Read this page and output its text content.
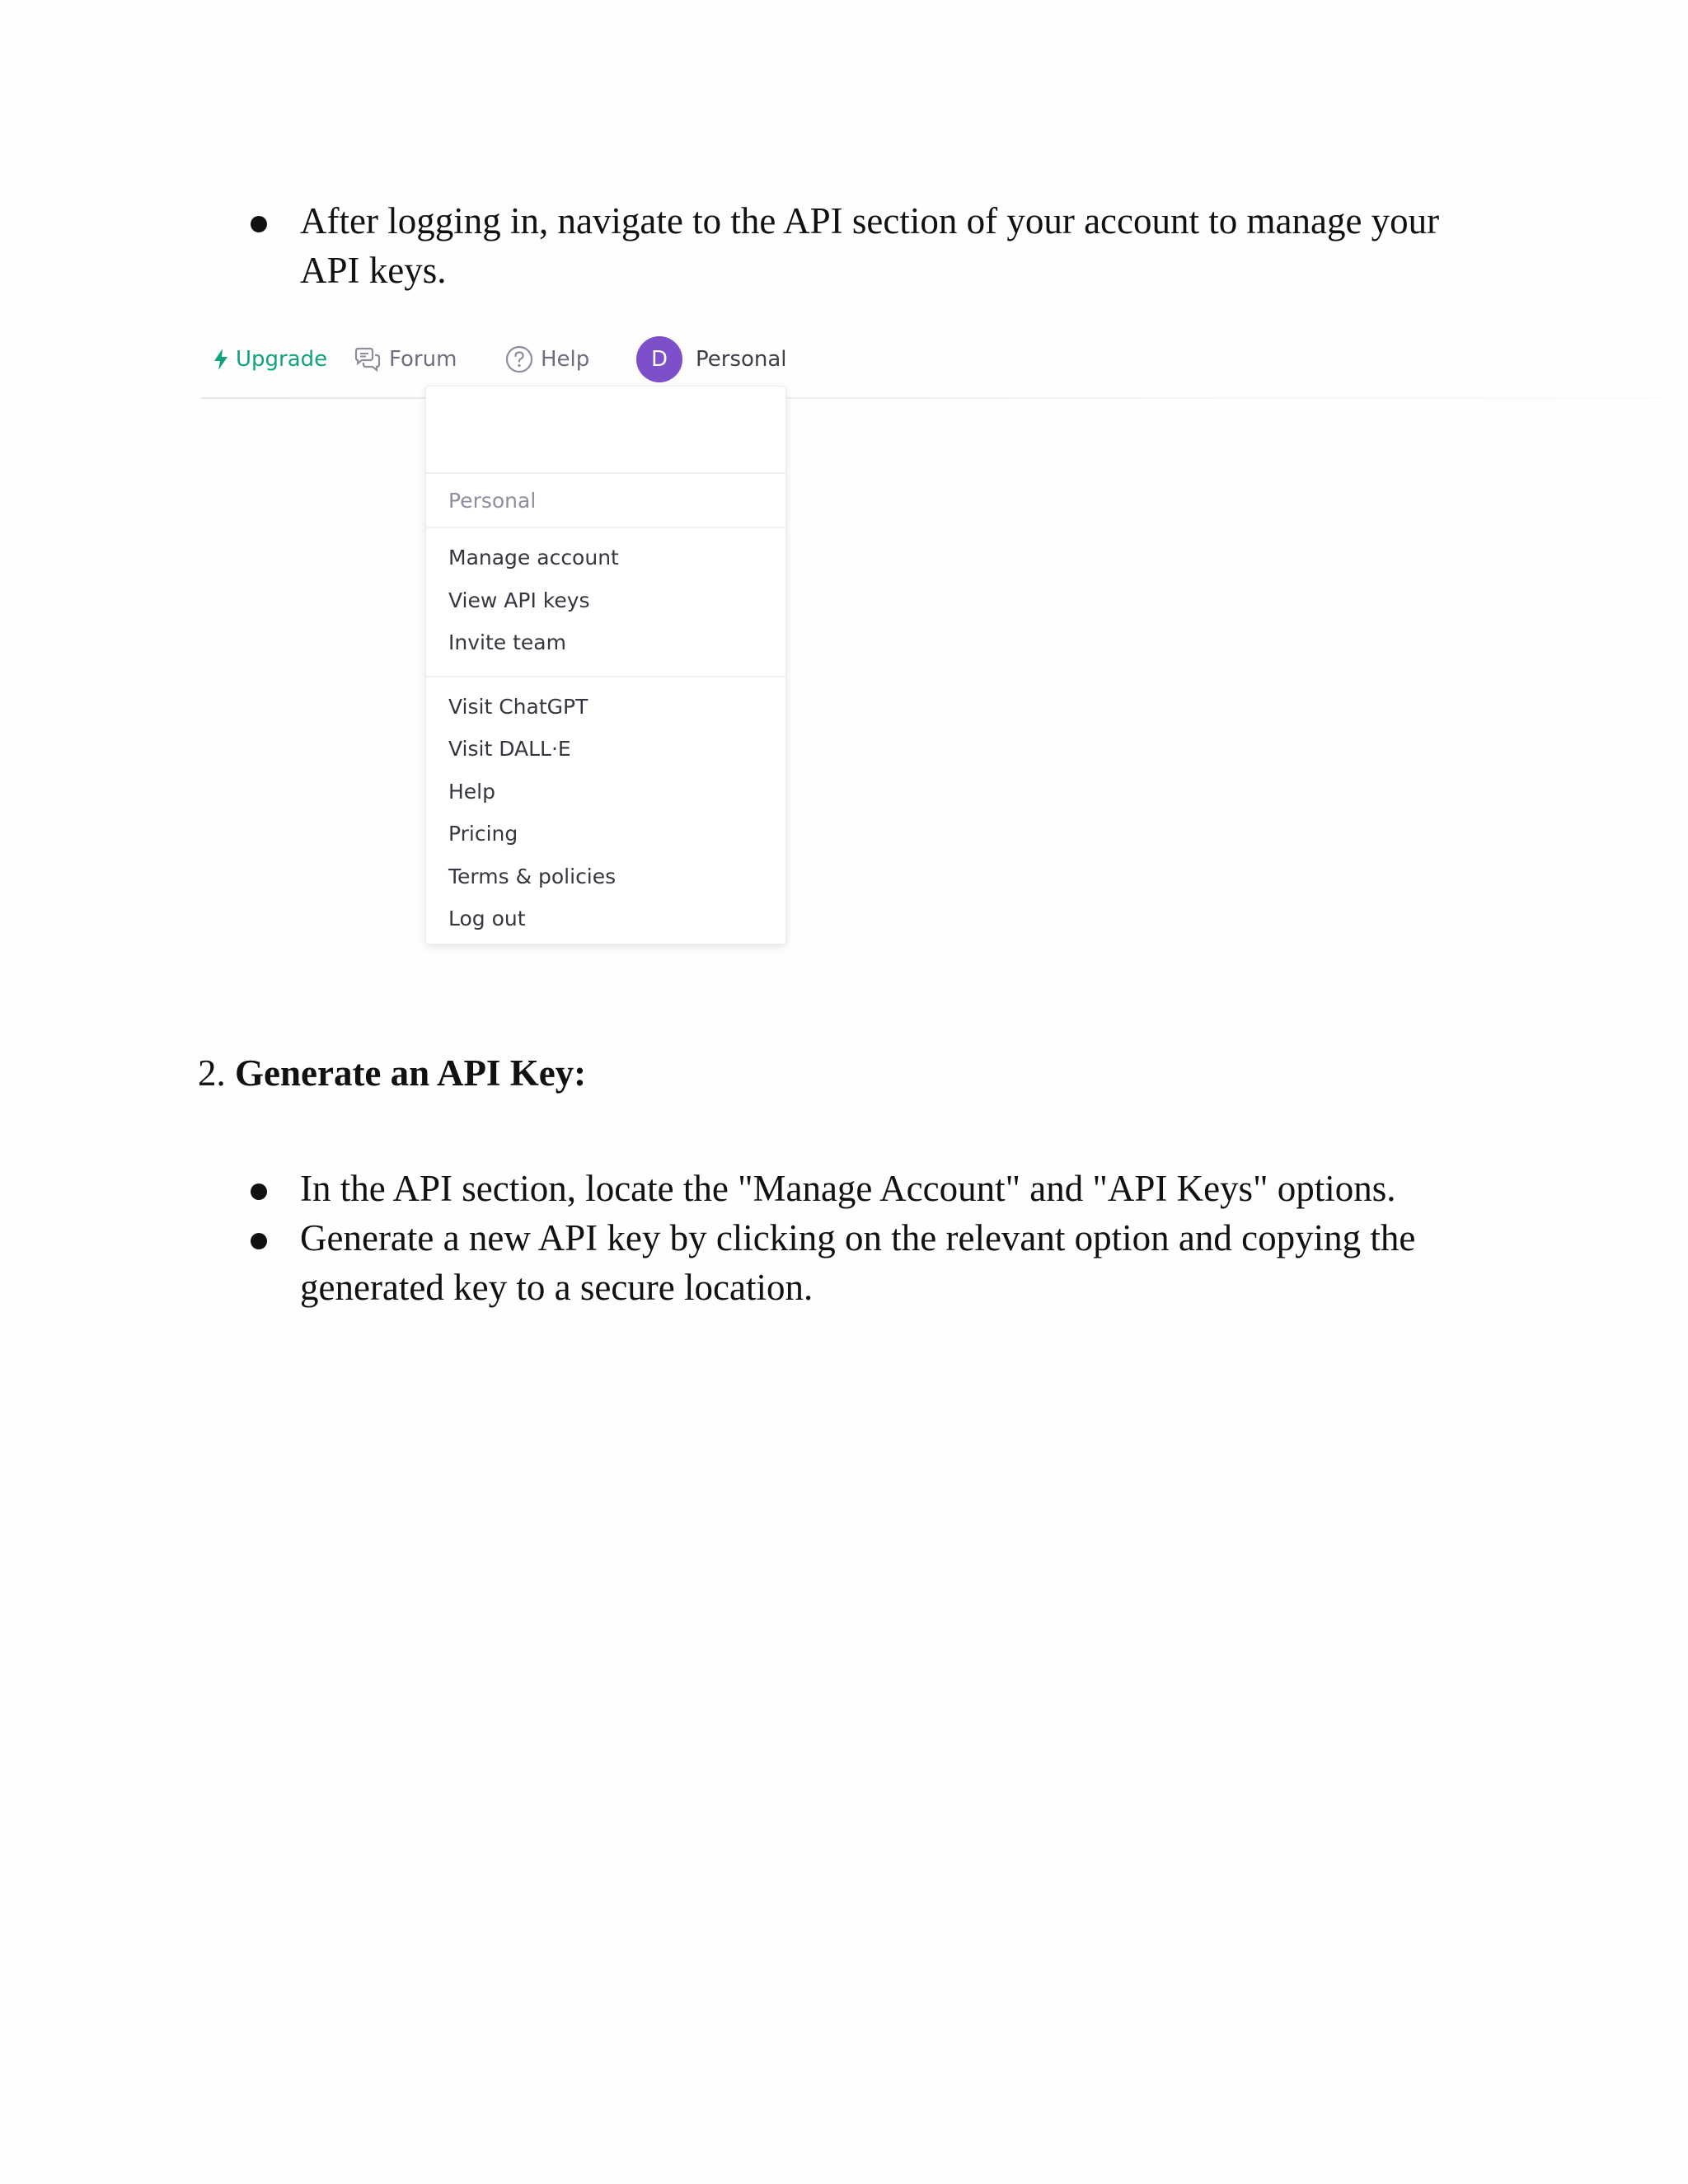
After logging in, navigate to the API section of your account to manage your API keys.
Upgrade	Forum	Help	D	Personal
Personal
Manage account
View API keys
Invite team
Visit ChatGPT
Visit DALL·E
Help
Pricing
Terms & policies
Log out
2. Generate an API Key:
In the API section, locate the "Manage Account" and "API Keys" options.
Generate a new API key by clicking on the relevant option and copying the generated key to a secure location.
